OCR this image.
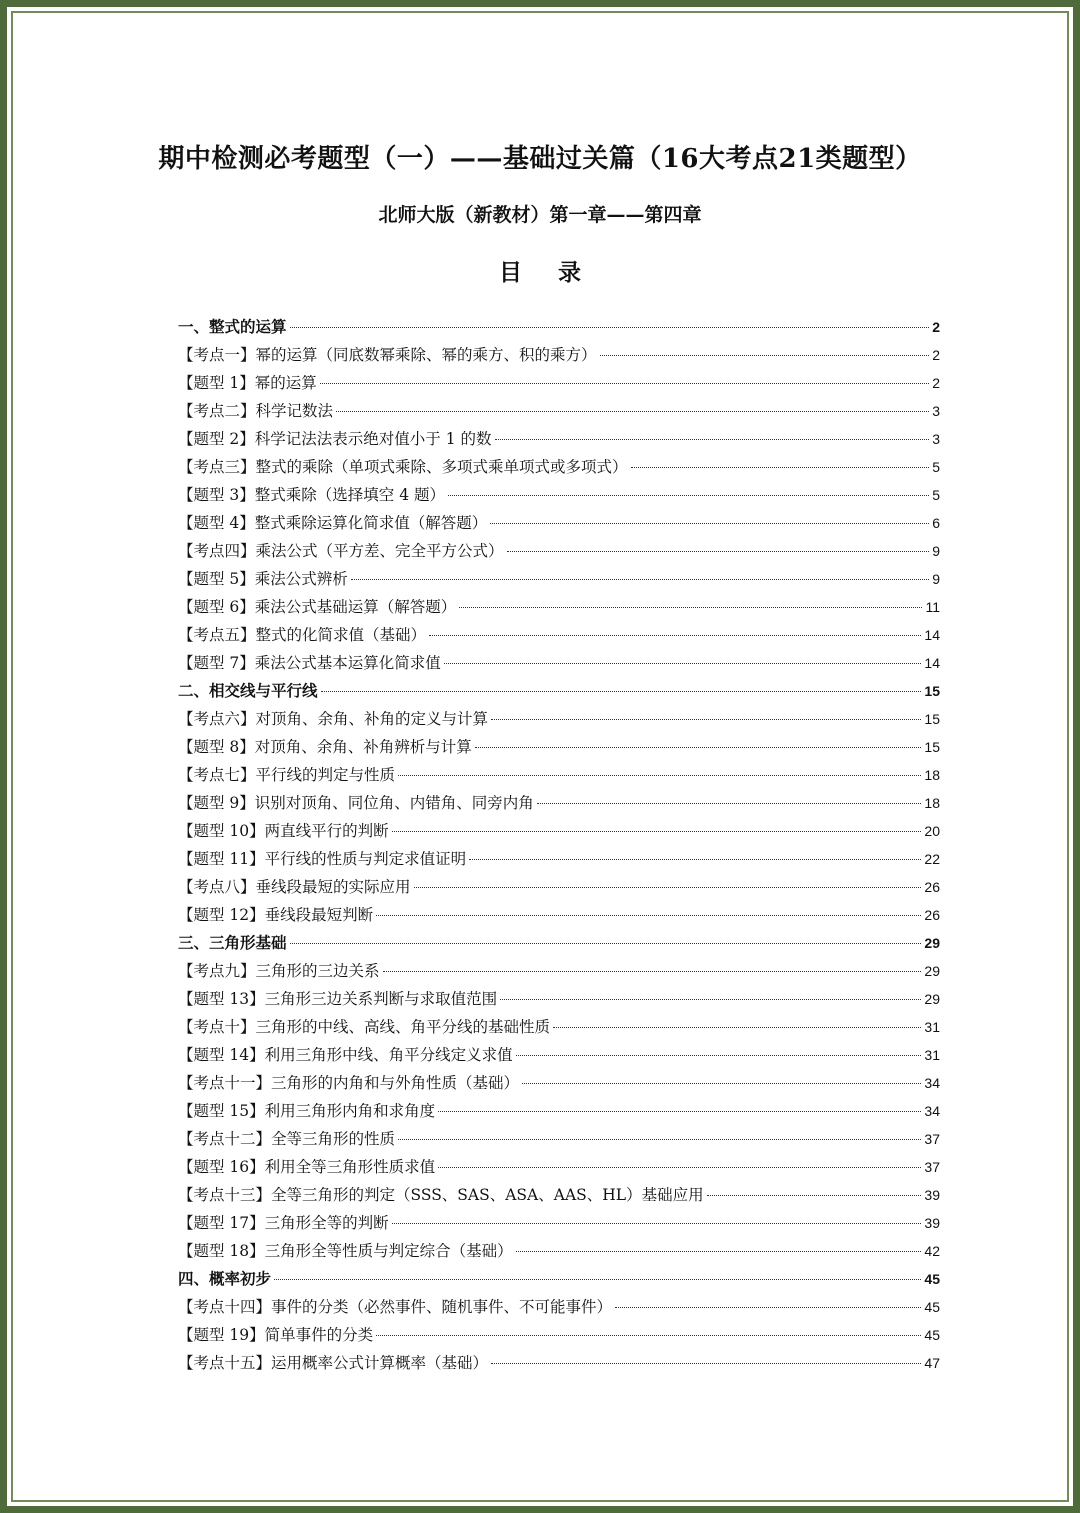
期中检测必考题型（一）——基础过关篇（16大考点21类题型）
北师大版（新教材）第一章——第四章
目 录
一、整式的运算	2
【考点一】幂的运算（同底数幂乘除、幂的乘方、积的乘方）	2
【题型 1】幂的运算	2
【考点二】科学记数法	3
【题型 2】科学记法法表示绝对值小于 1 的数	3
【考点三】整式的乘除（单项式乘除、多项式乘单项式或多项式）	5
【题型 3】整式乘除（选择填空 4 题）	5
【题型 4】整式乘除运算化简求值（解答题）	6
【考点四】乘法公式（平方差、完全平方公式）	9
【题型 5】乘法公式辨析	9
【题型 6】乘法公式基础运算（解答题）	11
【考点五】整式的化简求值（基础）	14
【题型 7】乘法公式基本运算化简求值	14
二、相交线与平行线	15
【考点六】对顶角、余角、补角的定义与计算	15
【题型 8】对顶角、余角、补角辨析与计算	15
【考点七】平行线的判定与性质	18
【题型 9】识别对顶角、同位角、内错角、同旁内角	18
【题型 10】两直线平行的判断	20
【题型 11】平行线的性质与判定求值证明	22
【考点八】垂线段最短的实际应用	26
【题型 12】垂线段最短判断	26
三、三角形基础	29
【考点九】三角形的三边关系	29
【题型 13】三角形三边关系判断与求取值范围	29
【考点十】三角形的中线、高线、角平分线的基础性质	31
【题型 14】利用三角形中线、角平分线定义求值	31
【考点十一】三角形的内角和与外角性质（基础）	34
【题型 15】利用三角形内角和求角度	34
【考点十二】全等三角形的性质	37
【题型 16】利用全等三角形性质求值	37
【考点十三】全等三角形的判定（SSS、SAS、ASA、AAS、HL）基础应用	39
【题型 17】三角形全等的判断	39
【题型 18】三角形全等性质与判定综合（基础）	42
四、概率初步	45
【考点十四】事件的分类（必然事件、随机事件、不可能事件）	45
【题型 19】简单事件的分类	45
【考点十五】运用概率公式计算概率（基础）	47
